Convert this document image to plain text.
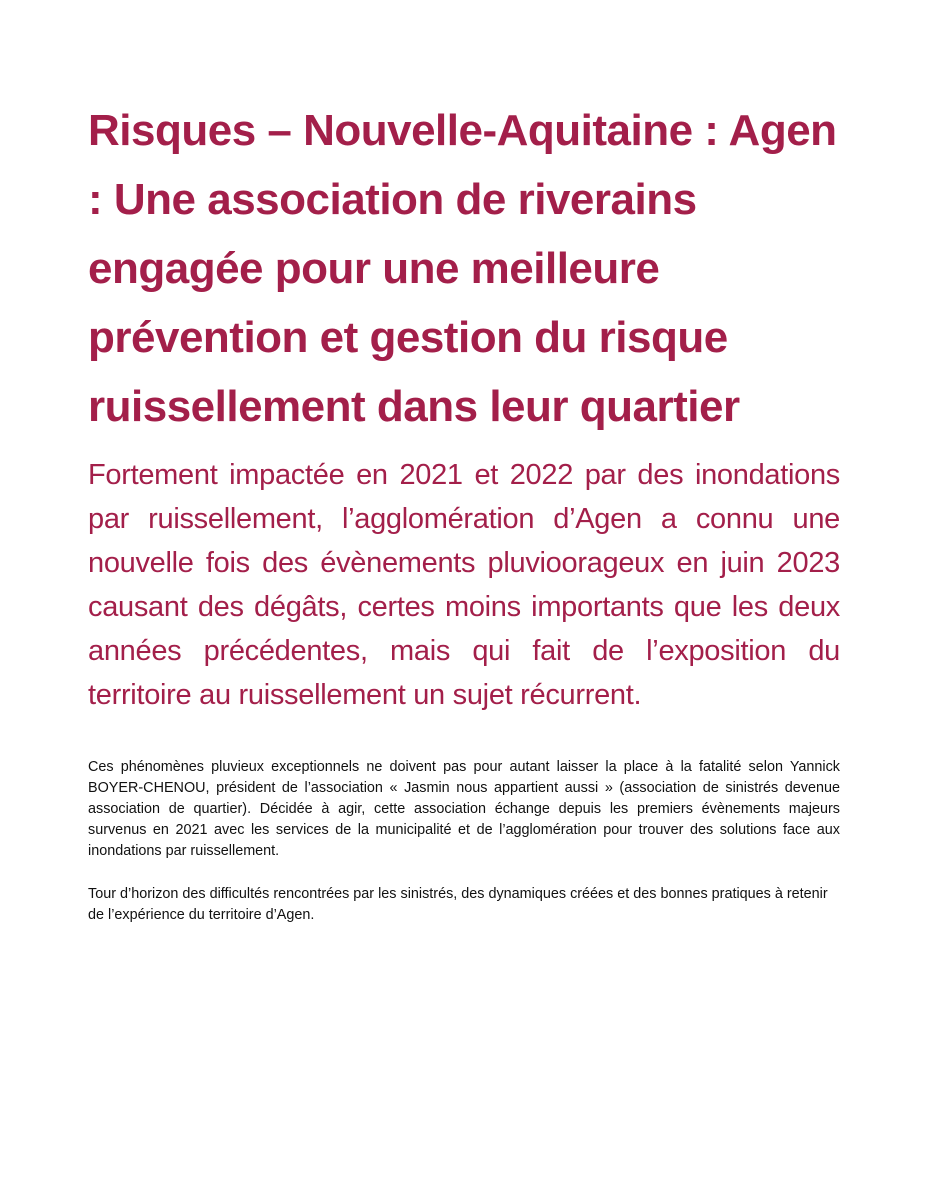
Risques – Nouvelle-Aquitaine : Agen : Une association de riverains engagée pour une meilleure prévention et gestion du risque ruissellement dans leur quartier

Fortement impactée en 2021 et 2022 par des inondations par ruissellement, l’agglomération d’Agen a connu une nouvelle fois des évènements pluvioorageux en juin 2023 causant des dégâts, certes moins importants que les deux années précédentes, mais qui fait de l’exposition du territoire au ruissellement un sujet récurrent.

Ces phénomènes pluvieux exceptionnels ne doivent pas pour autant laisser la place à la fatalité selon Yannick BOYER-CHENOU, président de l’association « Jasmin nous appartient aussi » (association de sinistrés devenue association de quartier). Décidée à agir, cette association échange depuis les premiers évènements majeurs survenus en 2021 avec les services de la municipalité et de l’agglomération pour trouver des solutions face aux inondations par ruissellement.

Tour d’horizon des difficultés rencontrées par les sinistrés, des dynamiques créées et des bonnes pratiques à retenir de l’expérience du territoire d’Agen.
